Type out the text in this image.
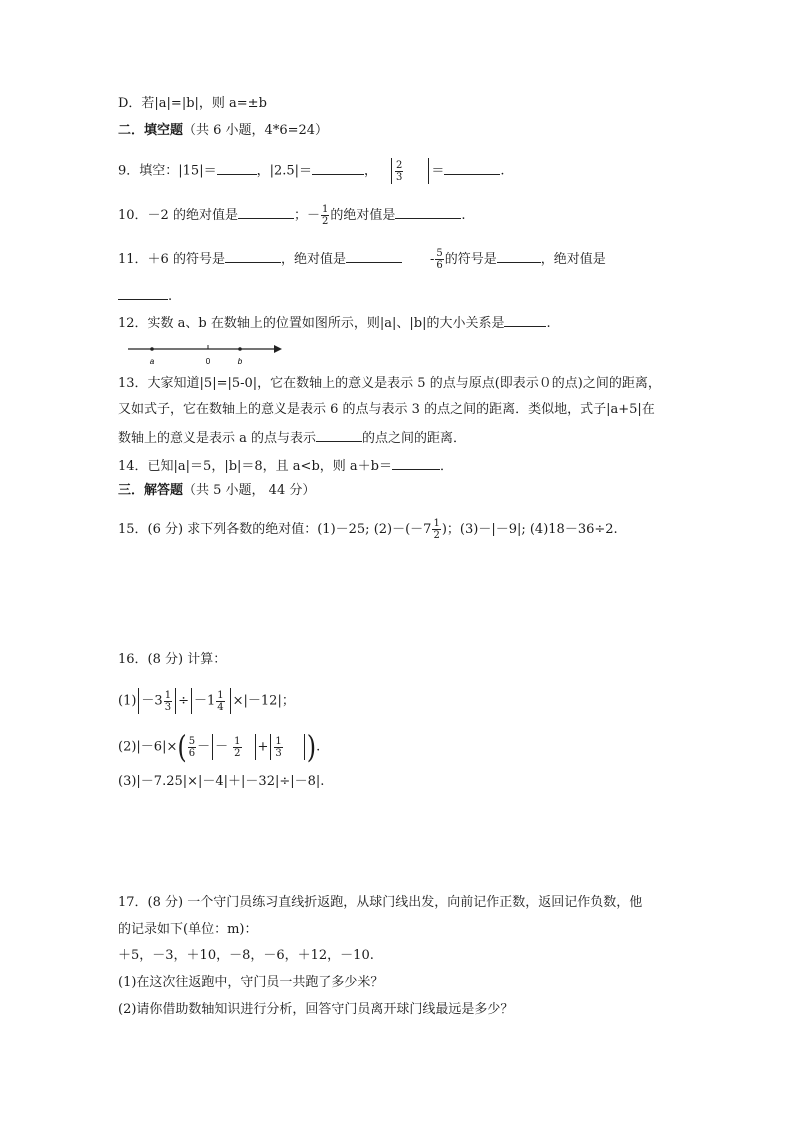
D．若|a|=|b|，则 a=±b
二．填空题（共 6 小题，4*6=24）
9．填空：|15|＝	，|2.5|＝	， $\frac{2}{3}$ ＝	.
10．－2 的绝对值是	；－ $\frac{1}{2}$ 的绝对值是	.
11．＋6 的符号是	，绝对值是	- $\frac{5}{6}$ 的符号是	，绝对值是
.
12．实数 a、b 在数轴上的位置如图所示，则|a|、|b|的大小关系是	.
a	0	b
13．大家知道|5|=|5-0|，它在数轴上的意义是表示 5 的点与原点(即表示０的点)之间的距离，
又如式子，它在数轴上的意义是表示 6 的点与表示 3 的点之间的距离．类似地，式子|a+5|在
数轴上的意义是表示 a 的点与表示	的点之间的距离．
14．已知|a|＝5，|b|＝8，且 a<b，则 a＋b＝	．
三．解答题（共 5 小题， 44 分）
15．(6 分) 求下列各数的绝对值：(1)－25; $(2)-(-7 \frac{1}{2}$ )；(3)－|－9|; (4)18－36÷2.
16．(8 分) 计算：
$(1) -3 \frac{1}{3} \div -1 \frac{1}{4} \times|-12|$；
$(2)|-6|\times( \frac{5}{6}$ － － $\frac{1}{2} + \frac{1}{3}$ ).
(3)|－7.25|×|－4|＋|－32|÷|－8|.
17．(8 分) 一个守门员练习直线折返跑，从球门线出发，向前记作正数，返回记作负数，他
的记录如下(单位：m)：
＋5，－3，＋10，－8，－6，＋12，－10.
(1)在这次往返跑中，守门员一共跑了多少米？
(2)请你借助数轴知识进行分析，回答守门员离开球门线最远是多少？
